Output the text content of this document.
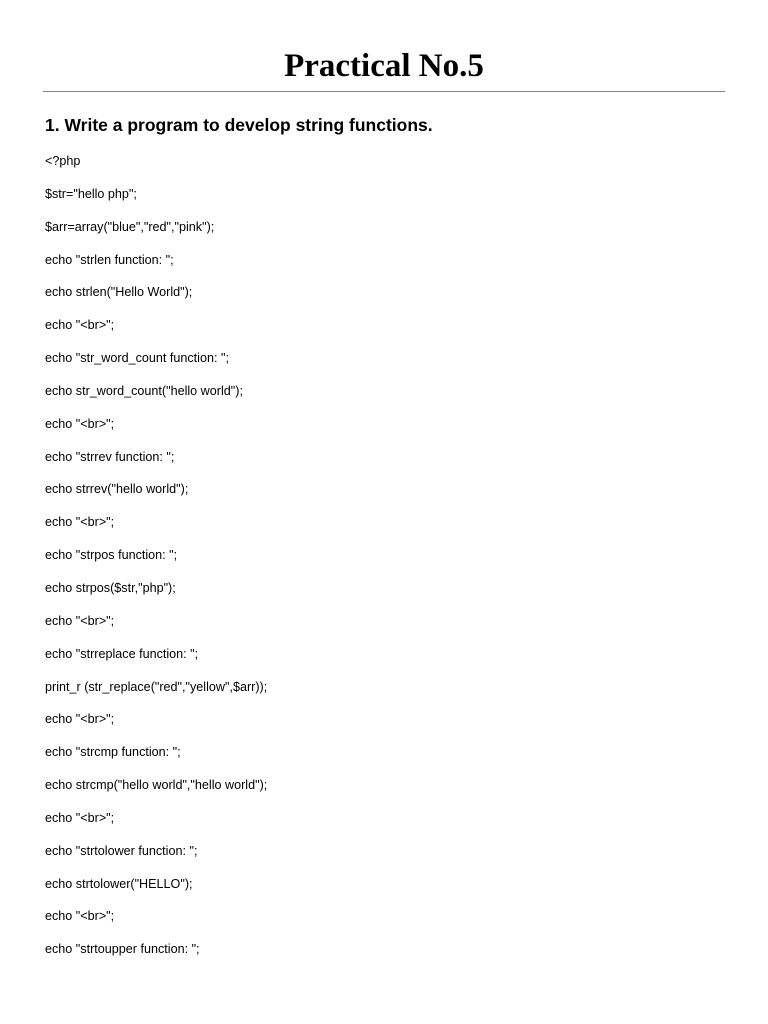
Practical No.5
1. Write a program to develop string functions.
<?php
$str="hello php";
$arr=array("blue","red","pink");
echo "strlen function: ";
echo strlen("Hello World");
echo "<br>";
echo "str_word_count function: ";
echo str_word_count("hello world");
echo "<br>";
echo "strrev function: ";
echo strrev("hello world");
echo "<br>";
echo "strpos function: ";
echo strpos($str,"php");
echo "<br>";
echo "strreplace function: ";
print_r (str_replace("red","yellow",$arr));
echo "<br>";
echo "strcmp function: ";
echo strcmp("hello world","hello world");
echo "<br>";
echo "strtolower function: ";
echo strtolower("HELLO");
echo "<br>";
echo "strtoupper function: ";
